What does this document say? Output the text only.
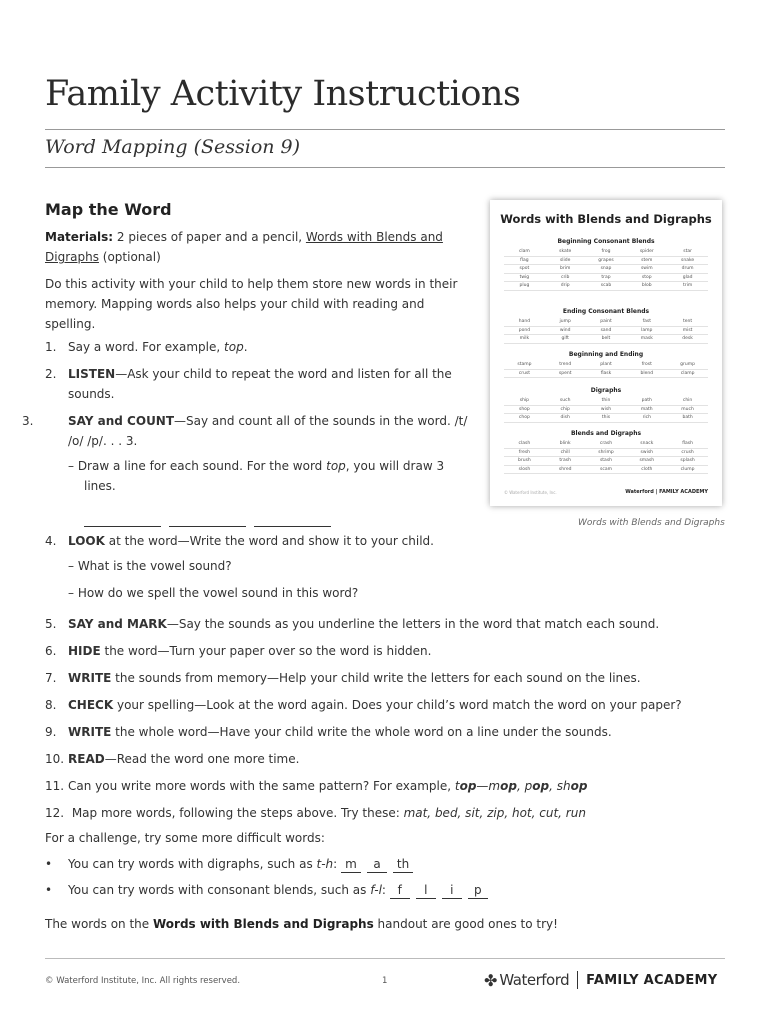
Family Activity Instructions
Word Mapping (Session 9)
Map the Word
Materials: 2 pieces of paper and a pencil, Words with Blends and Digraphs (optional)
Do this activity with your child to help them store new words in their memory. Mapping words also helps your child with reading and spelling.
1. Say a word. For example, top.
2. LISTEN—Ask your child to repeat the word and listen for all the sounds.
3.	SAY and COUNT—Say and count all of the sounds in the word. /t/ /o/ /p/. . . 3.
– Draw a line for each sound. For the word top, you will draw 3 lines.
Words with Blends and Digraphs
Beginning Consonant Blends
clam	skate	frog	spider	star
flag	slide	grapes	stem	snake
spot	brim	snap	swim	drum
twig	crib	trap	stop	glad
plug	drip	scab	blob	trim
Ending Consonant Blends
hand	jump	paint	fast	tent
pond	wind	sand	lamp	mist
milk	gift	belt	mask	desk
Beginning and Ending
stamp	trend	plant	frost	grump
crust	spent	flask	blend	clamp
Digraphs
ship	such	thin	path	chin
shop	chip	wish	math	much
chop	dish	this	rich	bath
Blends and Digraphs
clash	blink	crash	snack	flash
fresh	chill	shrimp	swish	crush
brush	trash	stash	smash	splash
slosh	shred	scam	cloth	clump
© Waterford Institute, Inc.	Waterford | FAMILY ACADEMY
Words with Blends and Digraphs
4. LOOK at the word—Write the word and show it to your child.
– What is the vowel sound?
– How do we spell the vowel sound in this word?
5. SAY and MARK—Say the sounds as you underline the letters in the word that match each sound.
6. HIDE the word—Turn your paper over so the word is hidden.
7. WRITE the sounds from memory—Help your child write the letters for each sound on the lines.
8. CHECK your spelling—Look at the word again. Does your child’s word match the word on your paper?
9. WRITE the whole word—Have your child write the whole word on a line under the sounds.
10. READ—Read the word one more time.
11. Can you write more words with the same pattern? For example, top—mop, pop, shop
12. Map more words, following the steps above. Try these: mat, bed, sit, zip, hot, cut, run
For a challenge, try some more difficult words:
• You can try words with digraphs, such as t-h: m a th
• You can try words with consonant blends, such as f-l: f l i p
The words on the Words with Blends and Digraphs handout are good ones to try!
© Waterford Institute, Inc. All rights reserved.	1	✤ Waterford FAMILY ACADEMY
